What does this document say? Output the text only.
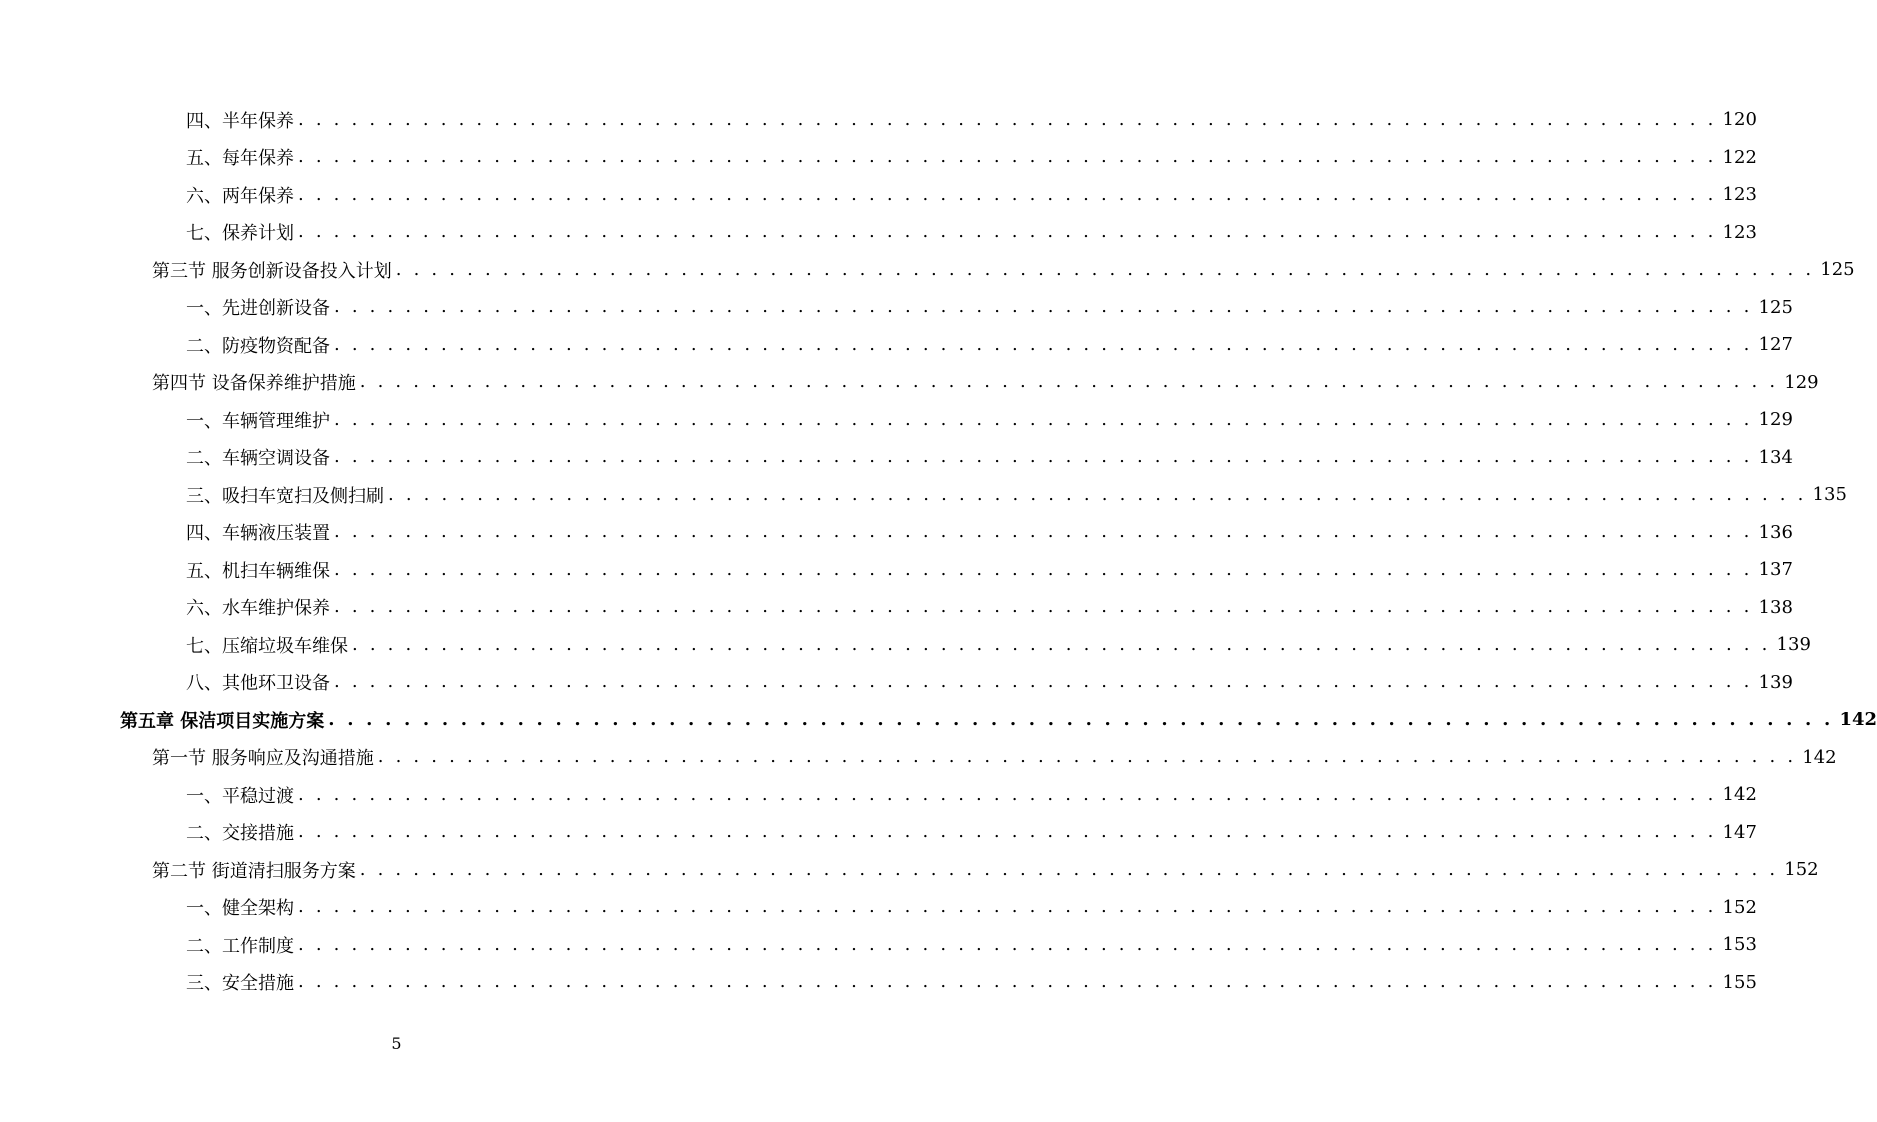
四、半年保养 . . . . . . . . . . . . . . . . . . . . . . . . . . . . . . . . . . . . . . . . . . . . . . . . . . . . . . . . . . . . . . . . . . . . . . . . . . . . . . . . 120
五、每年保养 . . . . . . . . . . . . . . . . . . . . . . . . . . . . . . . . . . . . . . . . . . . . . . . . . . . . . . . . . . . . . . . . . . . . . . . . . . . . . . . . 122
六、两年保养 . . . . . . . . . . . . . . . . . . . . . . . . . . . . . . . . . . . . . . . . . . . . . . . . . . . . . . . . . . . . . . . . . . . . . . . . . . . . . . . . 123
七、保养计划 . . . . . . . . . . . . . . . . . . . . . . . . . . . . . . . . . . . . . . . . . . . . . . . . . . . . . . . . . . . . . . . . . . . . . . . . . . . . . . . . 123
第三节 服务创新设备投入计划 . . . . . . . . . . . . . . . . . . . . . . . . . . . . . . . . . . . . . . . . . . . . . . . . . . . . . . . . . . . . . . . . . . . . . . . . . . . . . . . . 125
一、先进创新设备 . . . . . . . . . . . . . . . . . . . . . . . . . . . . . . . . . . . . . . . . . . . . . . . . . . . . . . . . . . . . . . . . . . . . . . . . . . . . . . . . 125
二、防疫物资配备 . . . . . . . . . . . . . . . . . . . . . . . . . . . . . . . . . . . . . . . . . . . . . . . . . . . . . . . . . . . . . . . . . . . . . . . . . . . . . . . . 127
第四节 设备保养维护措施 . . . . . . . . . . . . . . . . . . . . . . . . . . . . . . . . . . . . . . . . . . . . . . . . . . . . . . . . . . . . . . . . . . . . . . . . . . . . . . . . 129
一、车辆管理维护 . . . . . . . . . . . . . . . . . . . . . . . . . . . . . . . . . . . . . . . . . . . . . . . . . . . . . . . . . . . . . . . . . . . . . . . . . . . . . . . . 129
二、车辆空调设备 . . . . . . . . . . . . . . . . . . . . . . . . . . . . . . . . . . . . . . . . . . . . . . . . . . . . . . . . . . . . . . . . . . . . . . . . . . . . . . . . 134
三、吸扫车宽扫及侧扫刷 . . . . . . . . . . . . . . . . . . . . . . . . . . . . . . . . . . . . . . . . . . . . . . . . . . . . . . . . . . . . . . . . . . . . . . . . . . . . . . . . 135
四、车辆液压装置 . . . . . . . . . . . . . . . . . . . . . . . . . . . . . . . . . . . . . . . . . . . . . . . . . . . . . . . . . . . . . . . . . . . . . . . . . . . . . . . . 136
五、机扫车辆维保 . . . . . . . . . . . . . . . . . . . . . . . . . . . . . . . . . . . . . . . . . . . . . . . . . . . . . . . . . . . . . . . . . . . . . . . . . . . . . . . . 137
六、水车维护保养 . . . . . . . . . . . . . . . . . . . . . . . . . . . . . . . . . . . . . . . . . . . . . . . . . . . . . . . . . . . . . . . . . . . . . . . . . . . . . . . . 138
七、压缩垃圾车维保 . . . . . . . . . . . . . . . . . . . . . . . . . . . . . . . . . . . . . . . . . . . . . . . . . . . . . . . . . . . . . . . . . . . . . . . . . . . . . . . . 139
八、其他环卫设备 . . . . . . . . . . . . . . . . . . . . . . . . . . . . . . . . . . . . . . . . . . . . . . . . . . . . . . . . . . . . . . . . . . . . . . . . . . . . . . . . 139
第五章 保洁项目实施方案 . . . . . . . . . . . . . . . . . . . . . . . . . . . . . . . . . . . . . . . . . . . . . . . . . . . . . . . . . . . . . . . . . . . . . . . . . . . . . . . . 142
第一节 服务响应及沟通措施 . . . . . . . . . . . . . . . . . . . . . . . . . . . . . . . . . . . . . . . . . . . . . . . . . . . . . . . . . . . . . . . . . . . . . . . . . . . . . . . . 142
一、平稳过渡 . . . . . . . . . . . . . . . . . . . . . . . . . . . . . . . . . . . . . . . . . . . . . . . . . . . . . . . . . . . . . . . . . . . . . . . . . . . . . . . . 142
二、交接措施 . . . . . . . . . . . . . . . . . . . . . . . . . . . . . . . . . . . . . . . . . . . . . . . . . . . . . . . . . . . . . . . . . . . . . . . . . . . . . . . . 147
第二节 街道清扫服务方案 . . . . . . . . . . . . . . . . . . . . . . . . . . . . . . . . . . . . . . . . . . . . . . . . . . . . . . . . . . . . . . . . . . . . . . . . . . . . . . . . 152
一、健全架构 . . . . . . . . . . . . . . . . . . . . . . . . . . . . . . . . . . . . . . . . . . . . . . . . . . . . . . . . . . . . . . . . . . . . . . . . . . . . . . . . 152
二、工作制度 . . . . . . . . . . . . . . . . . . . . . . . . . . . . . . . . . . . . . . . . . . . . . . . . . . . . . . . . . . . . . . . . . . . . . . . . . . . . . . . . 153
三、安全措施 . . . . . . . . . . . . . . . . . . . . . . . . . . . . . . . . . . . . . . . . . . . . . . . . . . . . . . . . . . . . . . . . . . . . . . . . . . . . . . . . 155
5
